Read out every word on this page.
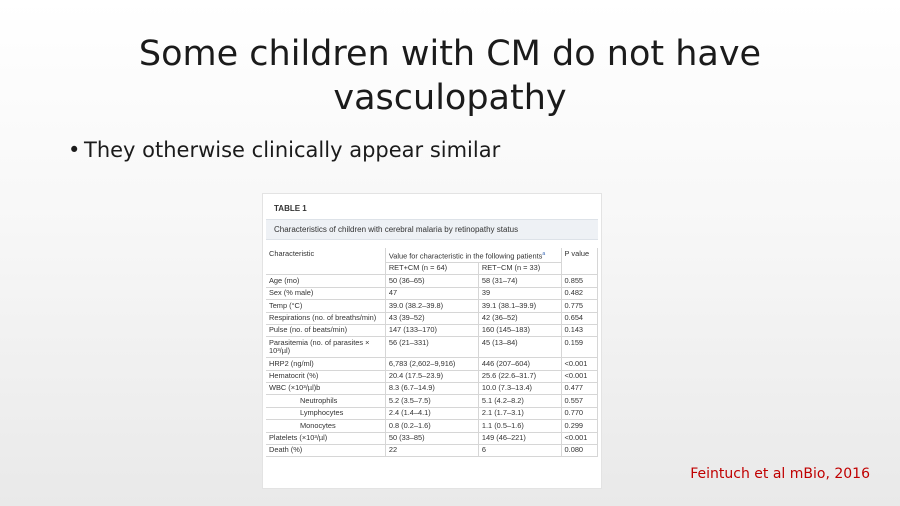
Some children with CM do not have
vasculopathy
• They otherwise clinically appear similar
TABLE 1
Characteristics of children with cerebral malaria by retinopathy status
Characteristic	Value for characteristic in the following patients$^a$		P value
	RET+CM (n = 64)	RET−CM (n = 33)	
Age (mo)	50 (36–65)	58 (31–74)	0.855
Sex (% male)	47	39	0.482
Temp (°C)	39.0 (38.2–39.8)	39.1 (38.1–39.9)	0.775
Respirations (no. of breaths/min)	43 (39–52)	42 (36–52)	0.654
Pulse (no. of beats/min)	147 (133–170)	160 (145–183)	0.143
Parasitemia (no. of parasites × 10³/µl)	56 (21–331)	45 (13–84)	0.159
HRP2 (ng/ml)	6,783 (2,602–9,916)	446 (207–604)	<0.001
Hematocrit (%)	20.4 (17.5–23.9)	25.6 (22.6–31.7)	<0.001
WBC (×10³/µl)b	8.3 (6.7–14.9)	10.0 (7.3–13.4)	0.477
Neutrophils	5.2 (3.5–7.5)	5.1 (4.2–8.2)	0.557
Lymphocytes	2.4 (1.4–4.1)	2.1 (1.7–3.1)	0.770
Monocytes	0.8 (0.2–1.6)	1.1 (0.5–1.6)	0.299
Platelets (×10³/µl)	50 (33–85)	149 (46–221)	<0.001
Death (%)	22	6	0.080
Feintuch et al mBio, 2016
